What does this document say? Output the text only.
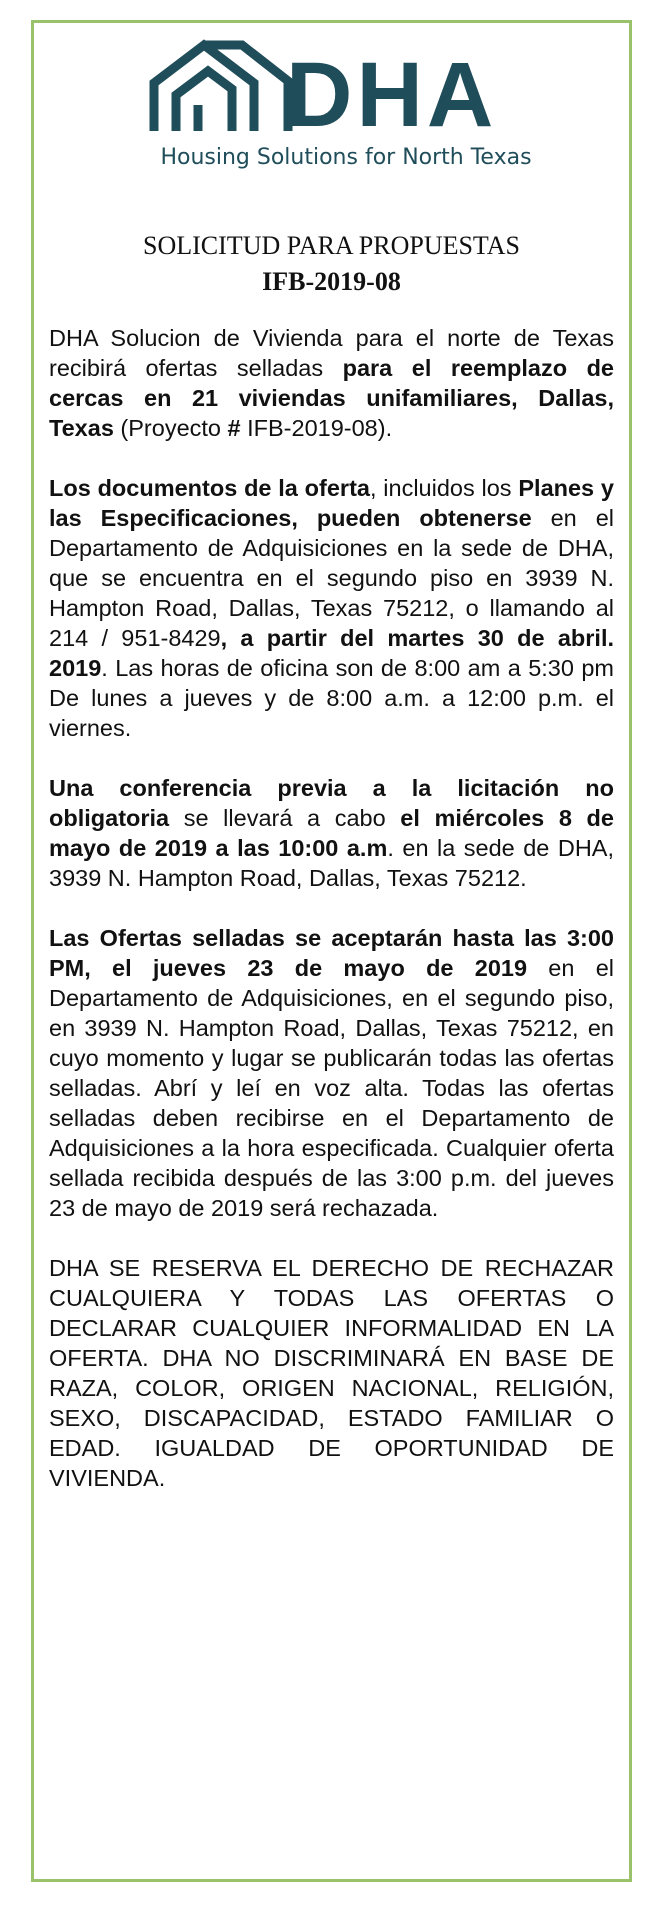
DHA
Housing Solutions for North Texas
SOLICITUD PARA PROPUESTAS
IFB-2019-08

DHA Solucion de Vivienda para el norte de Texas recibirá ofertas selladas para el reemplazo de cercas en 21 viviendas unifamiliares, Dallas, Texas (Proyecto # IFB-2019-08).

Los documentos de la oferta, incluidos los Planes y las Especificaciones, pueden obtenerse en el Departamento de Adquisiciones en la sede de DHA, que se encuentra en el segundo piso en 3939 N. Hampton Road, Dallas, Texas 75212, o llamando al 214 / 951-8429, a partir del martes 30 de abril. 2019. Las horas de oficina son de 8:00 am a 5:30 pm De lunes a jueves y de 8:00 a.m. a 12:00 p.m. el viernes.

Una conferencia previa a la licitación no obligatoria se llevará a cabo el miércoles 8 de mayo de 2019 a las 10:00 a.m. en la sede de DHA, 3939 N. Hampton Road, Dallas, Texas 75212.

Las Ofertas selladas se aceptarán hasta las 3:00 PM, el jueves 23 de mayo de 2019 en el Departamento de Adquisiciones, en el segundo piso, en 3939 N. Hampton Road, Dallas, Texas 75212, en cuyo momento y lugar se publicarán todas las ofertas selladas. Abrí y leí en voz alta. Todas las ofertas selladas deben recibirse en el Departamento de Adquisiciones a la hora especificada. Cualquier oferta sellada recibida después de las 3:00 p.m. del jueves 23 de mayo de 2019 será rechazada.

DHA SE RESERVA EL DERECHO DE RECHAZAR CUALQUIERA Y TODAS LAS OFERTAS O DECLARAR CUALQUIER INFORMALIDAD EN LA OFERTA. DHA NO DISCRIMINARÁ EN BASE DE RAZA, COLOR, ORIGEN NACIONAL, RELIGIÓN, SEXO, DISCAPACIDAD, ESTADO FAMILIAR O EDAD. IGUALDAD DE OPORTUNIDAD DE VIVIENDA.
